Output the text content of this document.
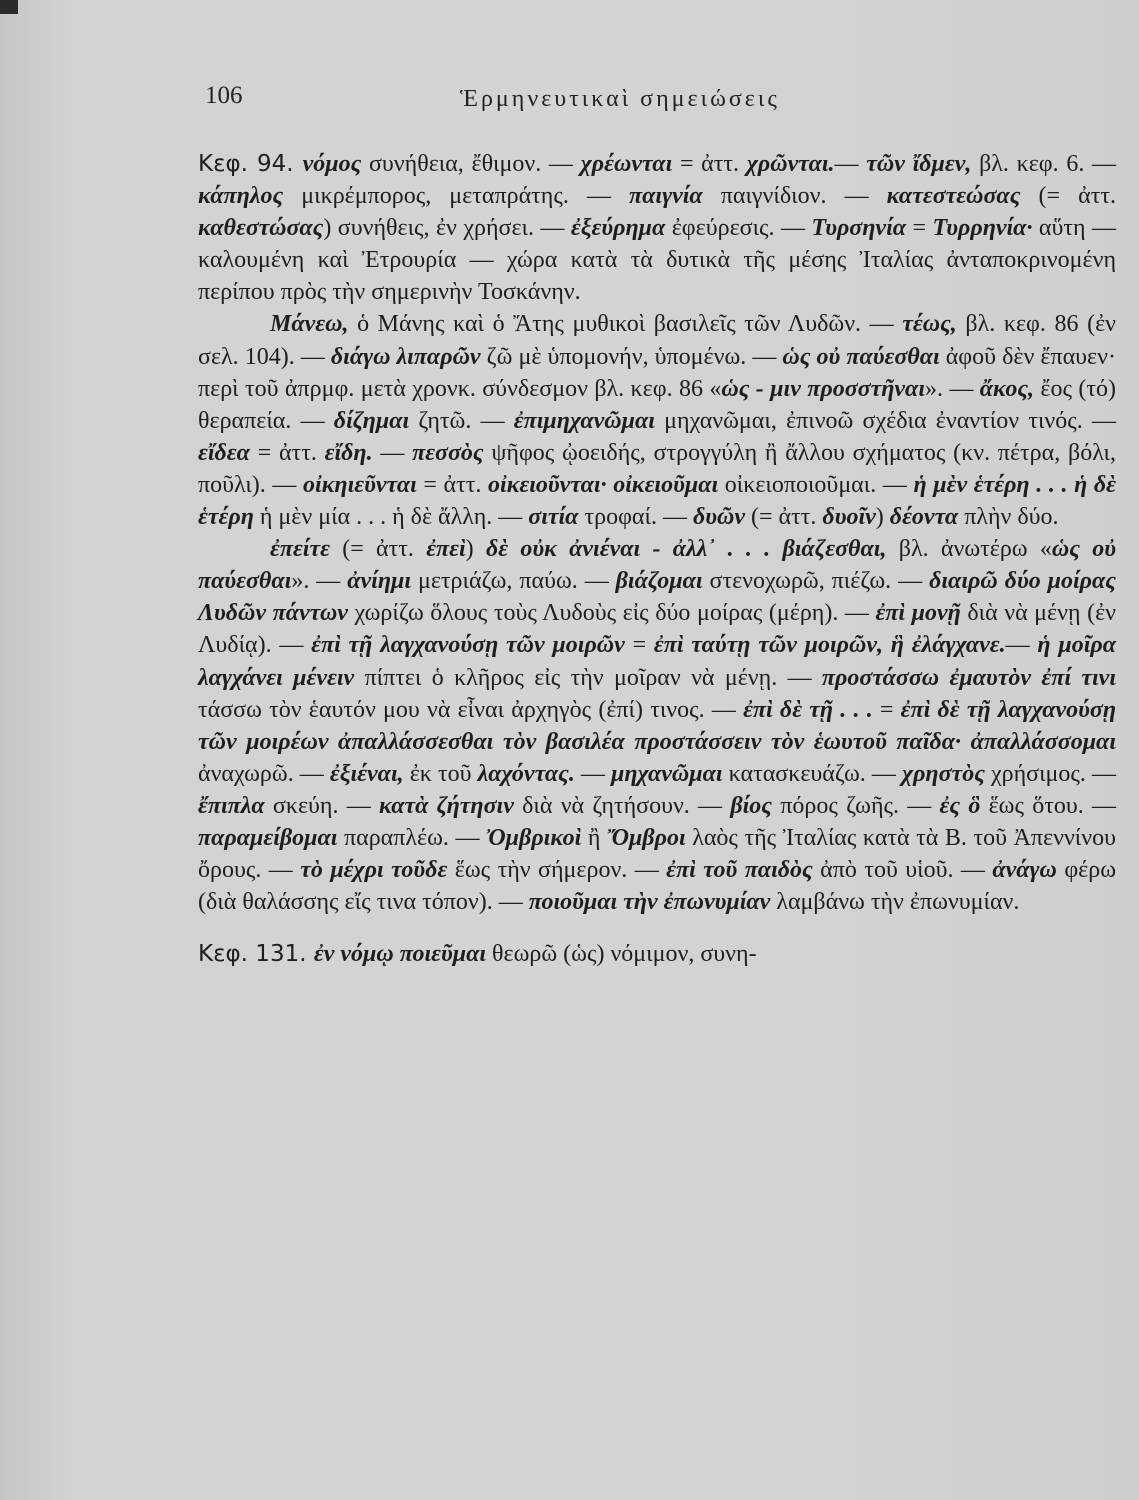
106	Ἑρμηνευτικαὶ σημειώσεις

Κεφ. 94. νόμος συνήθεια, ἔθιμον. — χρέωνται = ἀττ. χρῶνται.— τῶν ἴδμεν, βλ. κεφ. 6. — κάπηλος μικρέμπορος, μεταπράτης. — παιγνία παιγνίδιον. — κατεστεώσας (= ἀττ. καθεστώσας) συνήθεις, ἐν χρήσει. — ἐξεύρημα ἐφεύρεσις. — Τυρσηνία = Τυρρηνία· αὕτη — καλουμένη καὶ Ἐτρουρία — χώρα κατὰ τὰ δυτικὰ τῆς μέσης Ἰταλίας ἀνταποκρινομένη περίπου πρὸς τὴν σημερινὴν Τοσκάνην.

Μάνεω, ὁ Μάνης καὶ ὁ Ἄτης μυθικοὶ βασιλεῖς τῶν Λυδῶν. — τέως, βλ. κεφ. 86 (ἐν σελ. 104). — διάγω λιπαρῶν ζῶ μὲ ὑπομονήν, ὑπομένω. — ὡς οὐ παύεσθαι ἀφοῦ δὲν ἔπαυεν· περὶ τοῦ ἀπρμφ. μετὰ χρονκ. σύνδεσμον βλ. κεφ. 86 «ὡς - μιν προσστῆναι». — ἄκος, ἔος (τό) θεραπεία. — δίζημαι ζητῶ. — ἐπιμηχανῶμαι μηχανῶμαι, ἐπινοῶ σχέδια ἐναντίον τινός. — εἴδεα = ἀττ. εἴδη. — πεσσὸς ψῆφος ᾠοειδής, στρογγύλη ἢ ἄλλου σχήματος (κν. πέτρα, βόλι, ποῦλι). — οἰκηιεῦνται = ἀττ. οἰκειοῦνται· οἰκειοῦμαι οἰκειοποιοῦμαι. — ἡ μὲν ἑτέρη . . . ἡ δὲ ἑτέρη ἡ μὲν μία . . . ἡ δὲ ἄλλη. — σιτία τροφαί. — δυῶν (= ἀττ. δυοῖν) δέοντα πλὴν δύο.

ἐπείτε (= ἀττ. ἐπεὶ) δὲ οὐκ ἀνιέναι - ἀλλ᾽ . . . βιάζεσθαι, βλ. ἀνωτέρω «ὡς οὐ παύεσθαι». — ἀνίημι μετριάζω, παύω. — βιάζομαι στενοχωρῶ, πιέζω. — διαιρῶ δύο μοίρας Λυδῶν πάντων χωρίζω ὅλους τοὺς Λυδοὺς εἰς δύο μοίρας (μέρη). — ἐπὶ μονῇ διὰ νὰ μένῃ (ἐν Λυδίᾳ). — ἐπὶ τῇ λαγχανούσῃ τῶν μοιρῶν = ἐπὶ ταύτῃ τῶν μοιρῶν, ἣ ἐλάγχανε.— ἡ μοῖρα λαγχάνει μένειν πίπτει ὁ κλῆρος εἰς τὴν μοῖραν νὰ μένῃ. — προστάσσω ἐμαυτὸν ἐπί τινι τάσσω τὸν ἑαυτόν μου νὰ εἶναι ἀρχηγὸς (ἐπί) τινος. — ἐπὶ δὲ τῇ . . . = ἐπὶ δὲ τῇ λαγχανούσῃ τῶν μοιρέων ἀπαλλάσσεσθαι τὸν βασιλέα προστάσσειν τὸν ἑωυτοῦ παῖδα· ἀπαλλάσσομαι ἀναχωρῶ. — ἐξιέναι, ἐκ τοῦ λαχόντας. — μηχανῶμαι κατασκευάζω. — χρηστὸς χρήσιμος. — ἔπιπλα σκεύη. — κατὰ ζήτησιν διὰ νὰ ζητήσουν. — βίος πόρος ζωῆς. — ἐς ὃ ἕως ὅτου. — παραμείβομαι παραπλέω. — Ὀμβρικοὶ ἢ Ὄμβροι λαὸς τῆς Ἰταλίας κατὰ τὰ Β. τοῦ Ἀπεννίνου ὄρους. — τὸ μέχρι τοῦδε ἕως τὴν σήμερον. — ἐπὶ τοῦ παιδὸς ἀπὸ τοῦ υἱοῦ. — ἀνάγω φέρω (διὰ θαλάσσης εἴς τινα τόπον). — ποιοῦμαι τὴν ἐπωνυμίαν λαμβάνω τὴν ἐπωνυμίαν.

Κεφ. 131. ἐν νόμῳ ποιεῦμαι θεωρῶ (ὡς) νόμιμον, συνη-
